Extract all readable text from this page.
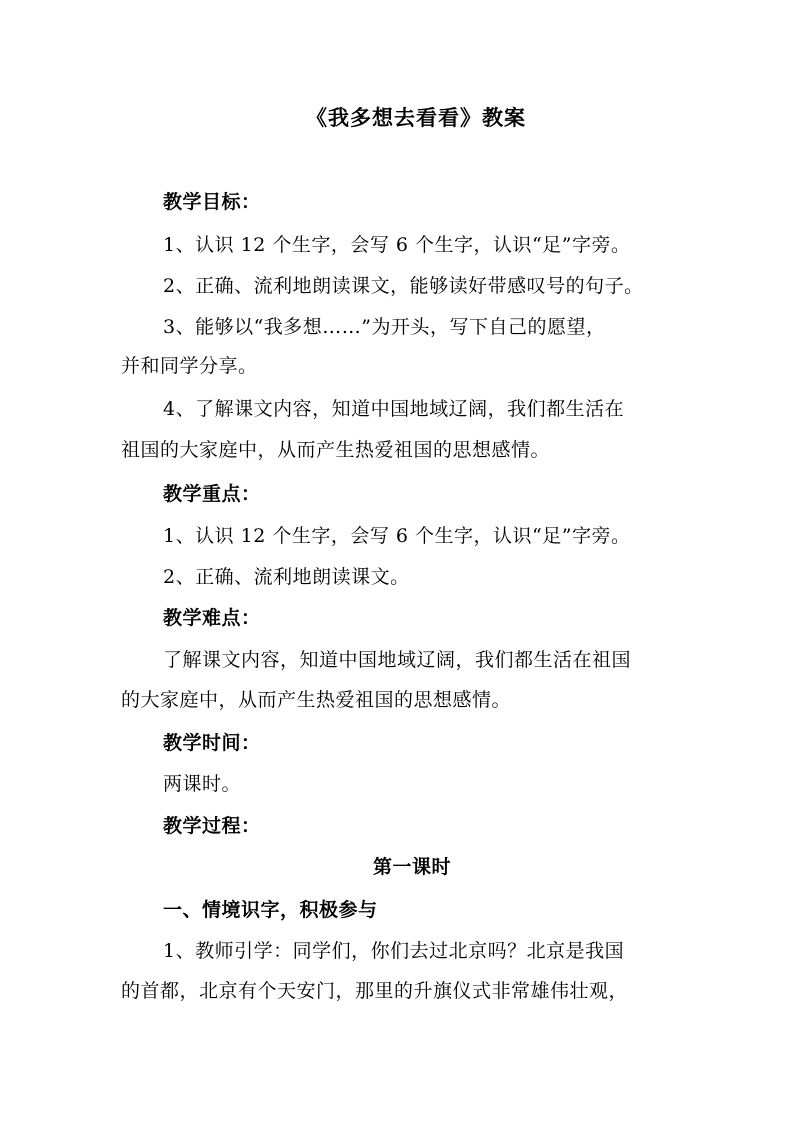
《我多想去看看》教案
教学目标：
1、认识 12 个生字，会写 6 个生字，认识“足”字旁。
2、正确、流利地朗读课文，能够读好带感叹号的句子。
3、能够以“我多想……”为开头，写下自己的愿望，
并和同学分享。
4、了解课文内容，知道中国地域辽阔，我们都生活在
祖国的大家庭中，从而产生热爱祖国的思想感情。
教学重点：
1、认识 12 个生字，会写 6 个生字，认识“足”字旁。
2、正确、流利地朗读课文。
教学难点：
了解课文内容，知道中国地域辽阔，我们都生活在祖国
的大家庭中，从而产生热爱祖国的思想感情。
教学时间：
两课时。
教学过程：
第一课时
一、情境识字，积极参与
1、教师引学：同学们，你们去过北京吗？北京是我国
的首都，北京有个天安门，那里的升旗仪式非常雄伟壮观，
